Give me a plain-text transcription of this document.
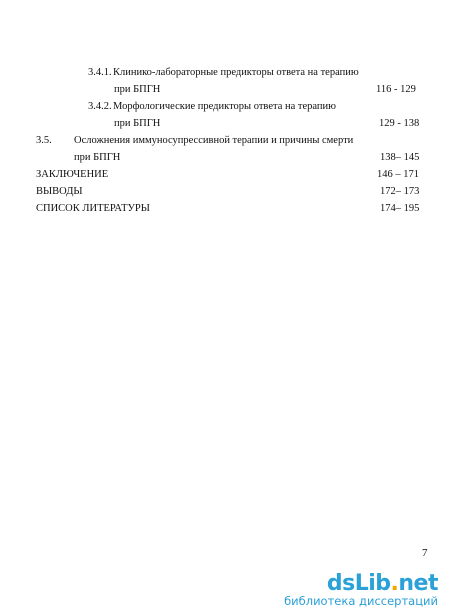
3.4.1. Клинико-лабораторные предикторы ответа на терапию
при БПГН	116 - 129
3.4.2. Морфологические предикторы ответа на терапию
при БПГН	129 - 138
3.5. Осложнения иммуносупрессивной терапии и причины смерти
при БПГН	138– 145
ЗАКЛЮЧЕНИЕ	146 – 171
ВЫВОДЫ	172– 173
СПИСОК ЛИТЕРАТУРЫ	174– 195
7
dsLib.net
библиотека диссертаций
